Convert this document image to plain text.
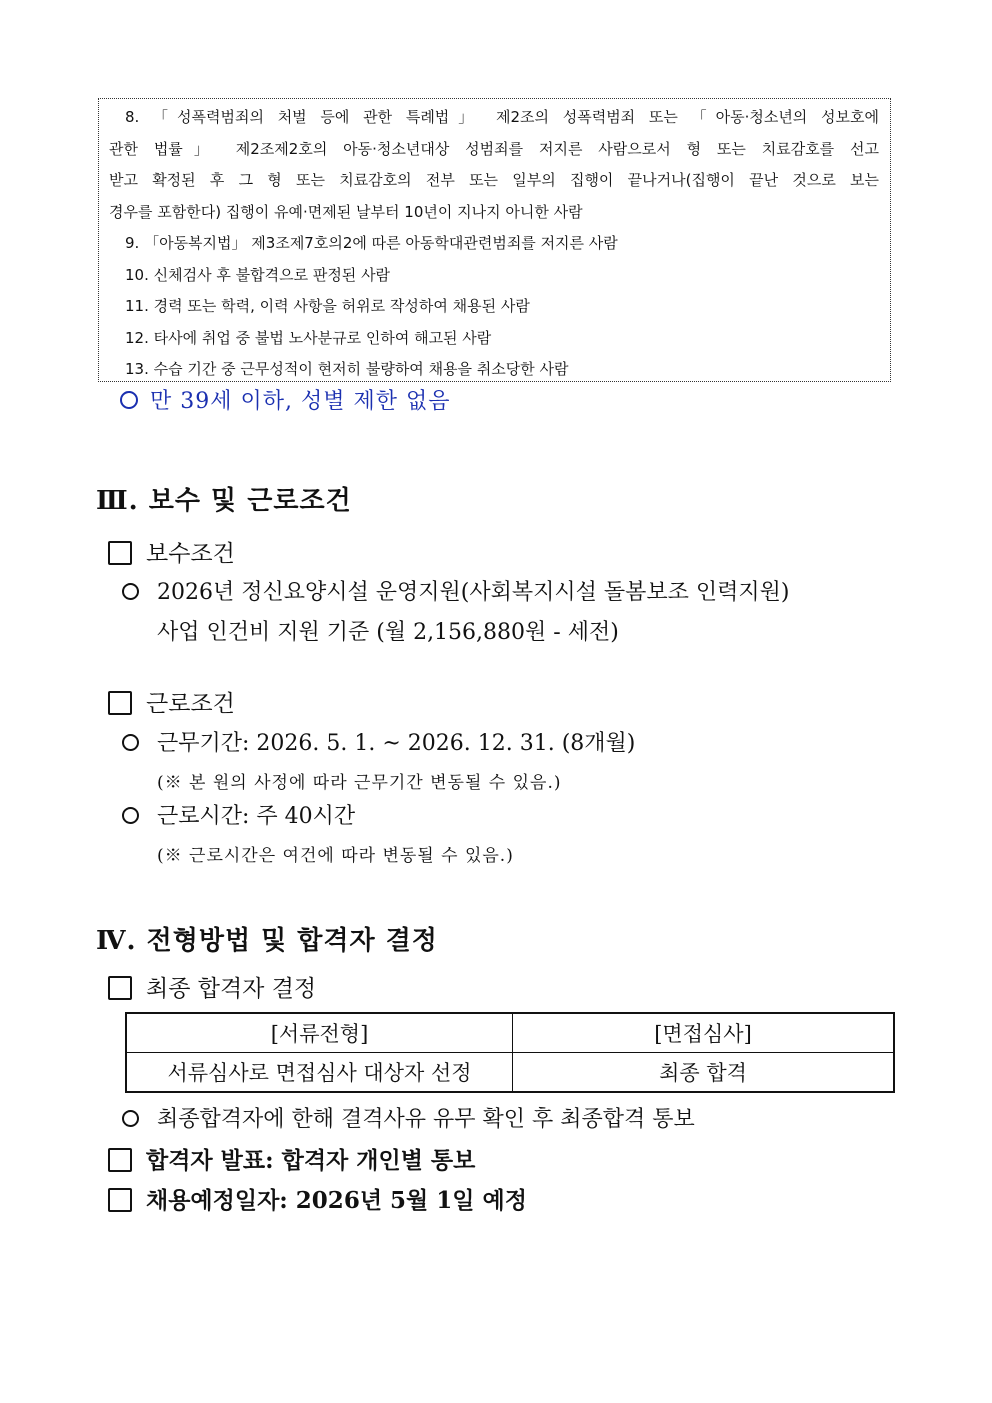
8. 「성폭력범죄의 처벌 등에 관한 특례법」 제2조의 성폭력범죄 또는 「아동·청소년의 성보호에
관한 법률」 제2조제2호의 아동·청소년대상 성범죄를 저지른 사람으로서 형 또는 치료감호를 선고
받고 확정된 후 그 형 또는 치료감호의 전부 또는 일부의 집행이 끝나거나(집행이 끝난 것으로 보는
경우를 포함한다) 집행이 유예·면제된 날부터 10년이 지나지 아니한 사람
9. 「아동복지법」 제3조제7호의2에 따른 아동학대관련범죄를 저지른 사람
10. 신체검사 후 불합격으로 판정된 사람
11. 경력 또는 학력, 이력 사항을 허위로 작성하여 채용된 사람
12. 타사에 취업 중 불법 노사분규로 인하여 해고된 사람
13. 수습 기간 중 근무성적이 현저히 불량하여 채용을 취소당한 사람
만 39세 이하, 성별 제한 없음
Ⅲ. 보수 및 근로조건
보수조건
2026년 정신요양시설 운영지원(사회복지시설 돌봄보조 인력지원)
사업 인건비 지원 기준 (월 2,156,880원 - 세전)
근로조건
근무기간: 2026. 5. 1. ~ 2026. 12. 31. (8개월)
(※ 본 원의 사정에 따라 근무기간 변동될 수 있음.)
근로시간: 주 40시간
(※ 근로시간은 여건에 따라 변동될 수 있음.)
Ⅳ. 전형방법 및 합격자 결정
최종 합격자 결정
[서류전형]	[면접심사]
서류심사로 면접심사 대상자 선정	최종 합격
최종합격자에 한해 결격사유 유무 확인 후 최종합격 통보
합격자 발표: 합격자 개인별 통보
채용예정일자: 2026년 5월 1일 예정
